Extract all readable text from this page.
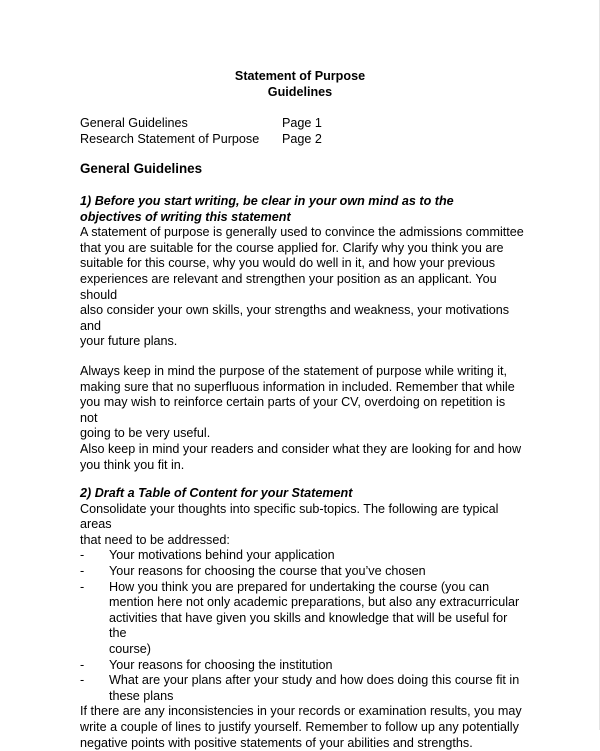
Statement of Purpose
Guidelines
General Guidelines	Page 1
Research Statement of Purpose Page 2
General Guidelines
1) Before you start writing, be clear in your own mind as to the
objectives of writing this statement
A statement of purpose is generally used to convince the admissions committee
that you are suitable for the course applied for. Clarify why you think you are
suitable for this course, why you would do well in it, and how your previous
experiences are relevant and strengthen your position as an applicant. You should
also consider your own skills, your strengths and weakness, your motivations and
your future plans.
Always keep in mind the purpose of the statement of purpose while writing it,
making sure that no superfluous information in included. Remember that while
you may wish to reinforce certain parts of your CV, overdoing on repetition is not
going to be very useful.
Also keep in mind your readers and consider what they are looking for and how
you think you fit in.
2) Draft a Table of Content for your Statement
Consolidate your thoughts into specific sub-topics. The following are typical areas
that need to be addressed:
- Your motivations behind your application
- Your reasons for choosing the course that you’ve chosen
- How you think you are prepared for undertaking the course (you can
mention here not only academic preparations, but also any extracurricular
activities that have given you skills and knowledge that will be useful for the
course)
- Your reasons for choosing the institution
- What are your plans after your study and how does doing this course fit in
these plans
If there are any inconsistencies in your records or examination results, you may
write a couple of lines to justify yourself. Remember to follow up any potentially
negative points with positive statements of your abilities and strengths.
